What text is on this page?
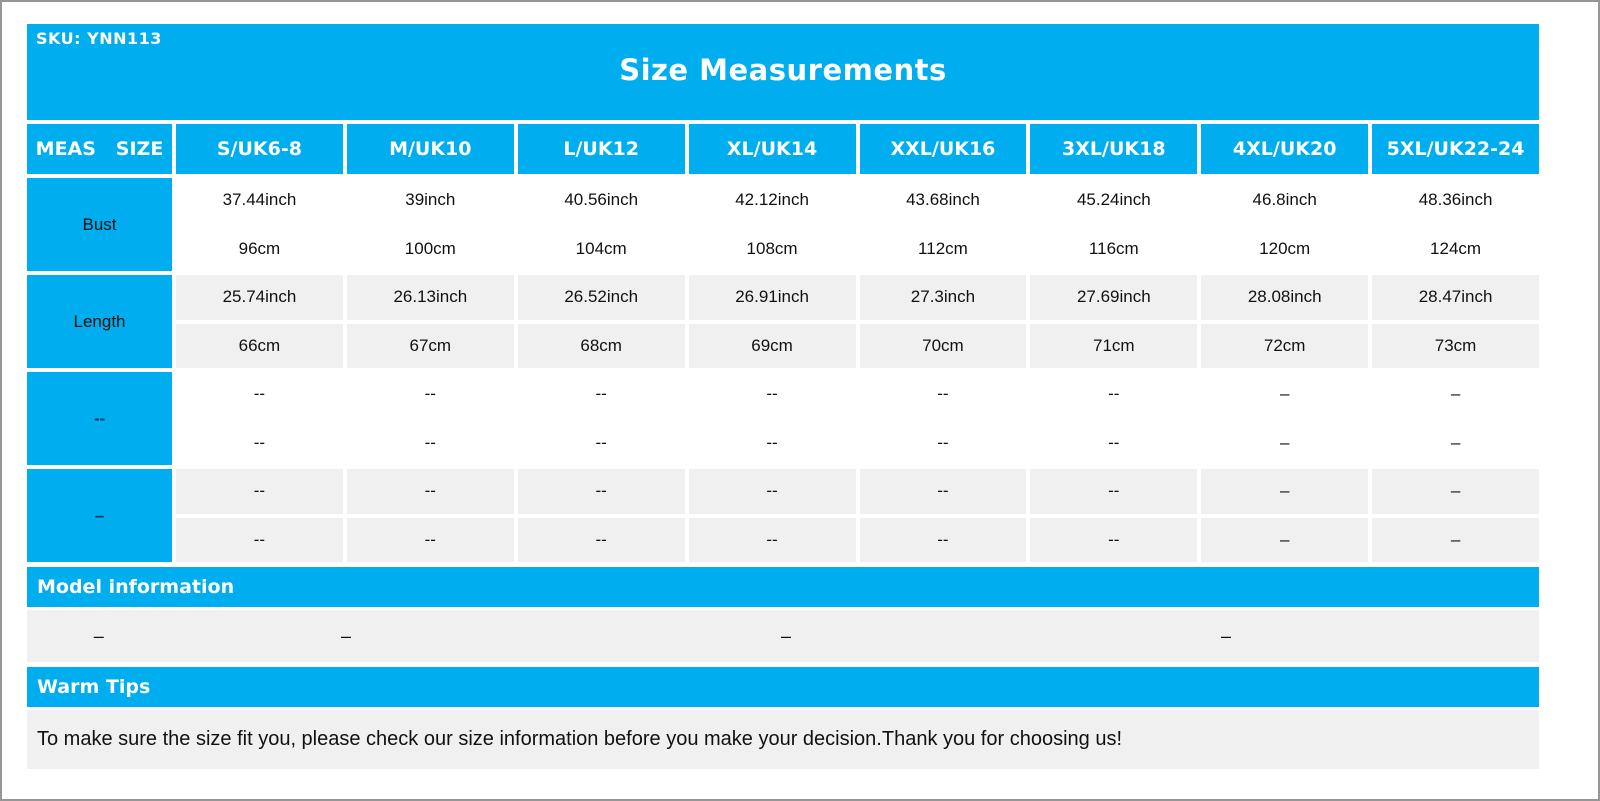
SKU: YNN113
Size Measurements
MEAS   SIZE	S/UK6-8	M/UK10	L/UK12	XL/UK14	XXL/UK16	3XL/UK18	4XL/UK20	5XL/UK22-24
Bust
37.44inch	39inch	40.56inch	42.12inch	43.68inch	45.24inch	46.8inch	48.36inch
96cm	100cm	104cm	108cm	112cm	116cm	120cm	124cm
Length
25.74inch	26.13inch	26.52inch	26.91inch	27.3inch	27.69inch	28.08inch	28.47inch
66cm	67cm	68cm	69cm	70cm	71cm	72cm	73cm
--
--	--	--	--	--	--	–	–
--	--	--	--	--	--	–	–
–
--	--	--	--	--	--	–	–
--	--	--	--	--	--	–	–
Model information
–	–	–	–
Warm Tips
To make sure the size fit you, please check our size information before you make your decision.Thank you for choosing us!
